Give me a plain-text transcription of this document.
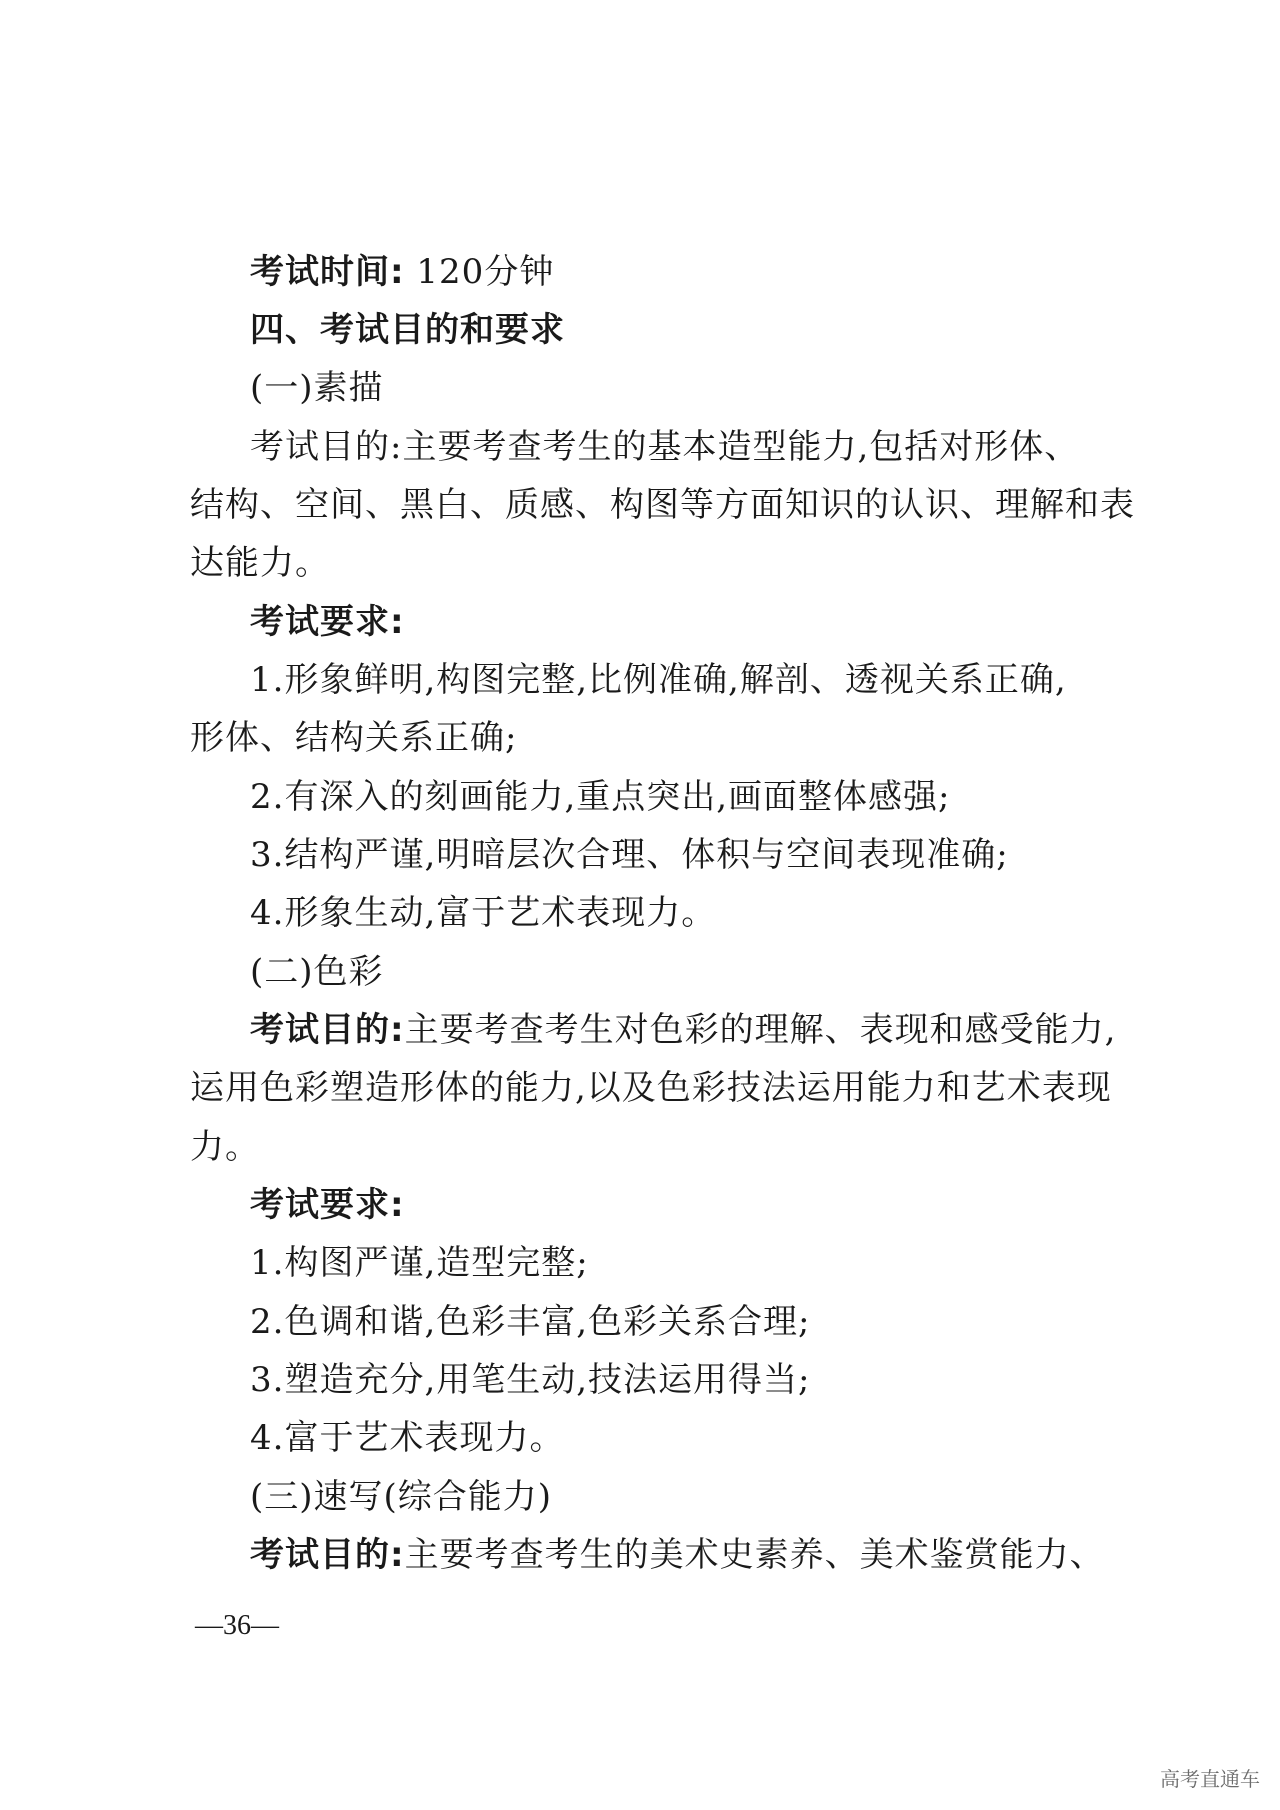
考试时间: 120分钟
四、考试目的和要求
(一)素描
考试目的:主要考查考生的基本造型能力,包括对形体、
结构、空间、黑白、质感、构图等方面知识的认识、理解和表
达能力。
考试要求:
1.形象鲜明,构图完整,比例准确,解剖、透视关系正确,
形体、结构关系正确;
2.有深入的刻画能力,重点突出,画面整体感强;
3.结构严谨,明暗层次合理、体积与空间表现准确;
4.形象生动,富于艺术表现力。
(二)色彩
考试目的:主要考查考生对色彩的理解、表现和感受能力,
运用色彩塑造形体的能力,以及色彩技法运用能力和艺术表现
力。
考试要求:
1.构图严谨,造型完整;
2.色调和谐,色彩丰富,色彩关系合理;
3.塑造充分,用笔生动,技法运用得当;
4.富于艺术表现力。
(三)速写(综合能力)
考试目的:主要考查考生的美术史素养、美术鉴赏能力、
—36—
高考直通车
